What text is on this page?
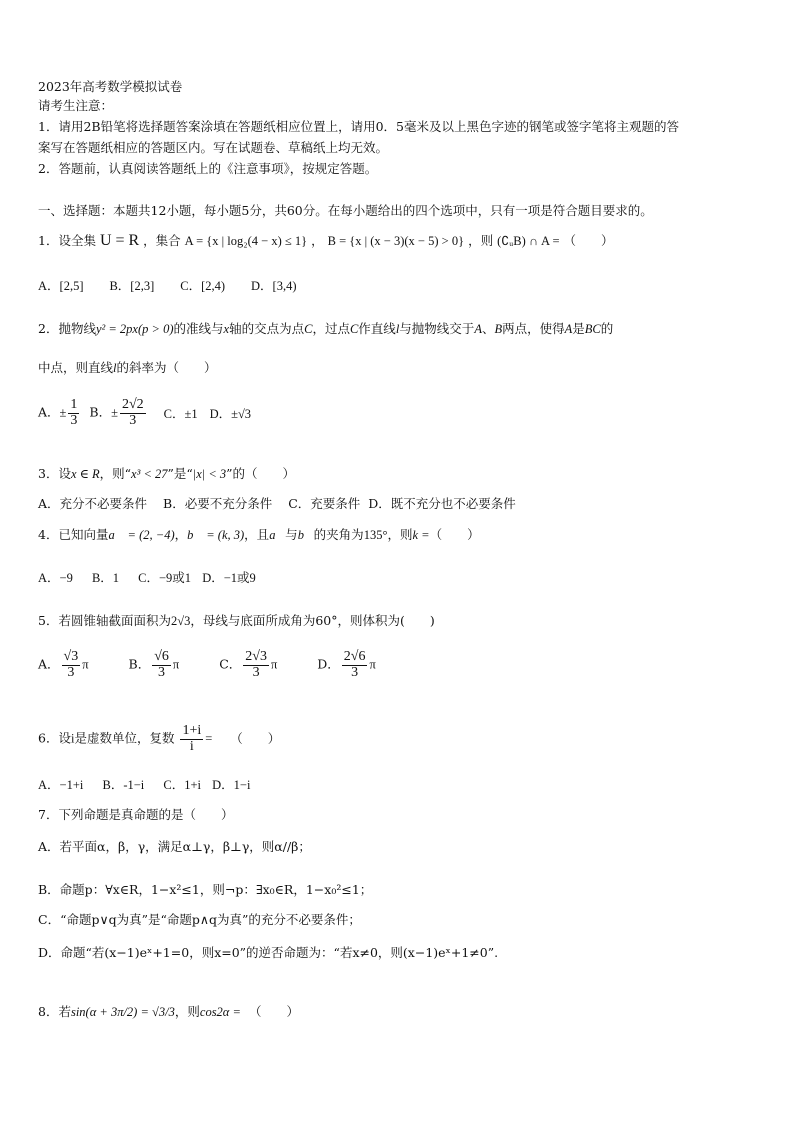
2023年高考数学模拟试卷
请考生注意：
1．请用2B铅笔将选择题答案涂填在答题纸相应位置上，请用0．5毫米及以上黑色字迹的钢笔或签字笔将主观题的答
案写在答题纸相应的答题区内。写在试题卷、草稿纸上均无效。
2．答题前，认真阅读答题纸上的《注意事项》，按规定答题。
一、选择题：本题共12小题，每小题5分，共60分。在每小题给出的四个选项中，只有一项是符合题目要求的。
1．设全集 U = R ，集合 A = {x | log₂(4 − x) ≤ 1} ， B = {x | (x − 3)(x − 5) > 0} ，则 (∁ᵤB) ∩ A = （　　）
A．[2,5] B．[2,3] C．[2,4) D．[3,4)
2．抛物线y² = 2px(p > 0)的准线与x轴的交点为点C，过点C作直线l与抛物线交于A、B两点，使得A是BC的
中点，则直线l的斜率为（　　）
A．± $\frac{1}{3}$ B．± $\frac{2√2}{3}$ C．±1 D．±√3
3．设x ∈ R，则“x³ < 27”是“|x| < 3”的（　　）
A．充分不必要条件 B．必要不充分条件 C．充要条件 D．既不充分也不必要条件
4．已知向量a⃗ = (2, −4)，b⃗ = (k, 3)，且a⃗与b⃗的夹角为135°，则k =（　　）
A．−9 B．1 C．−9或1 D．−1或9
5．若圆锥轴截面面积为2√3，母线与底面所成角为60°，则体积为(　　)
A． $\frac{√3}{3}$ π	B． $\frac{√6}{3}$ π	C． $\frac{2√3}{3}$ π	D． $\frac{2√6}{3}$ π
6．设i是虚数单位，复数 $\frac{1+i}{i}$ = （　　）
A．−1+i B．-1−i C．1+i D．1−i
7．下列命题是真命题的是（　　）
A．若平面α，β，γ，满足α⊥γ，β⊥γ，则α//β；
B．命题p：∀x∈R，1−x²≤1，则¬p：∃x₀∈R，1−x₀²≤1；
C．“命题p∨q为真”是“命题p∧q为真”的充分不必要条件；
D．命题“若(x−1)eˣ+1=0，则x=0”的逆否命题为：“若x≠0，则(x−1)eˣ+1≠0”.
8．若sin(α + 3π/2) = √3/3，则cos2α = （　　）
